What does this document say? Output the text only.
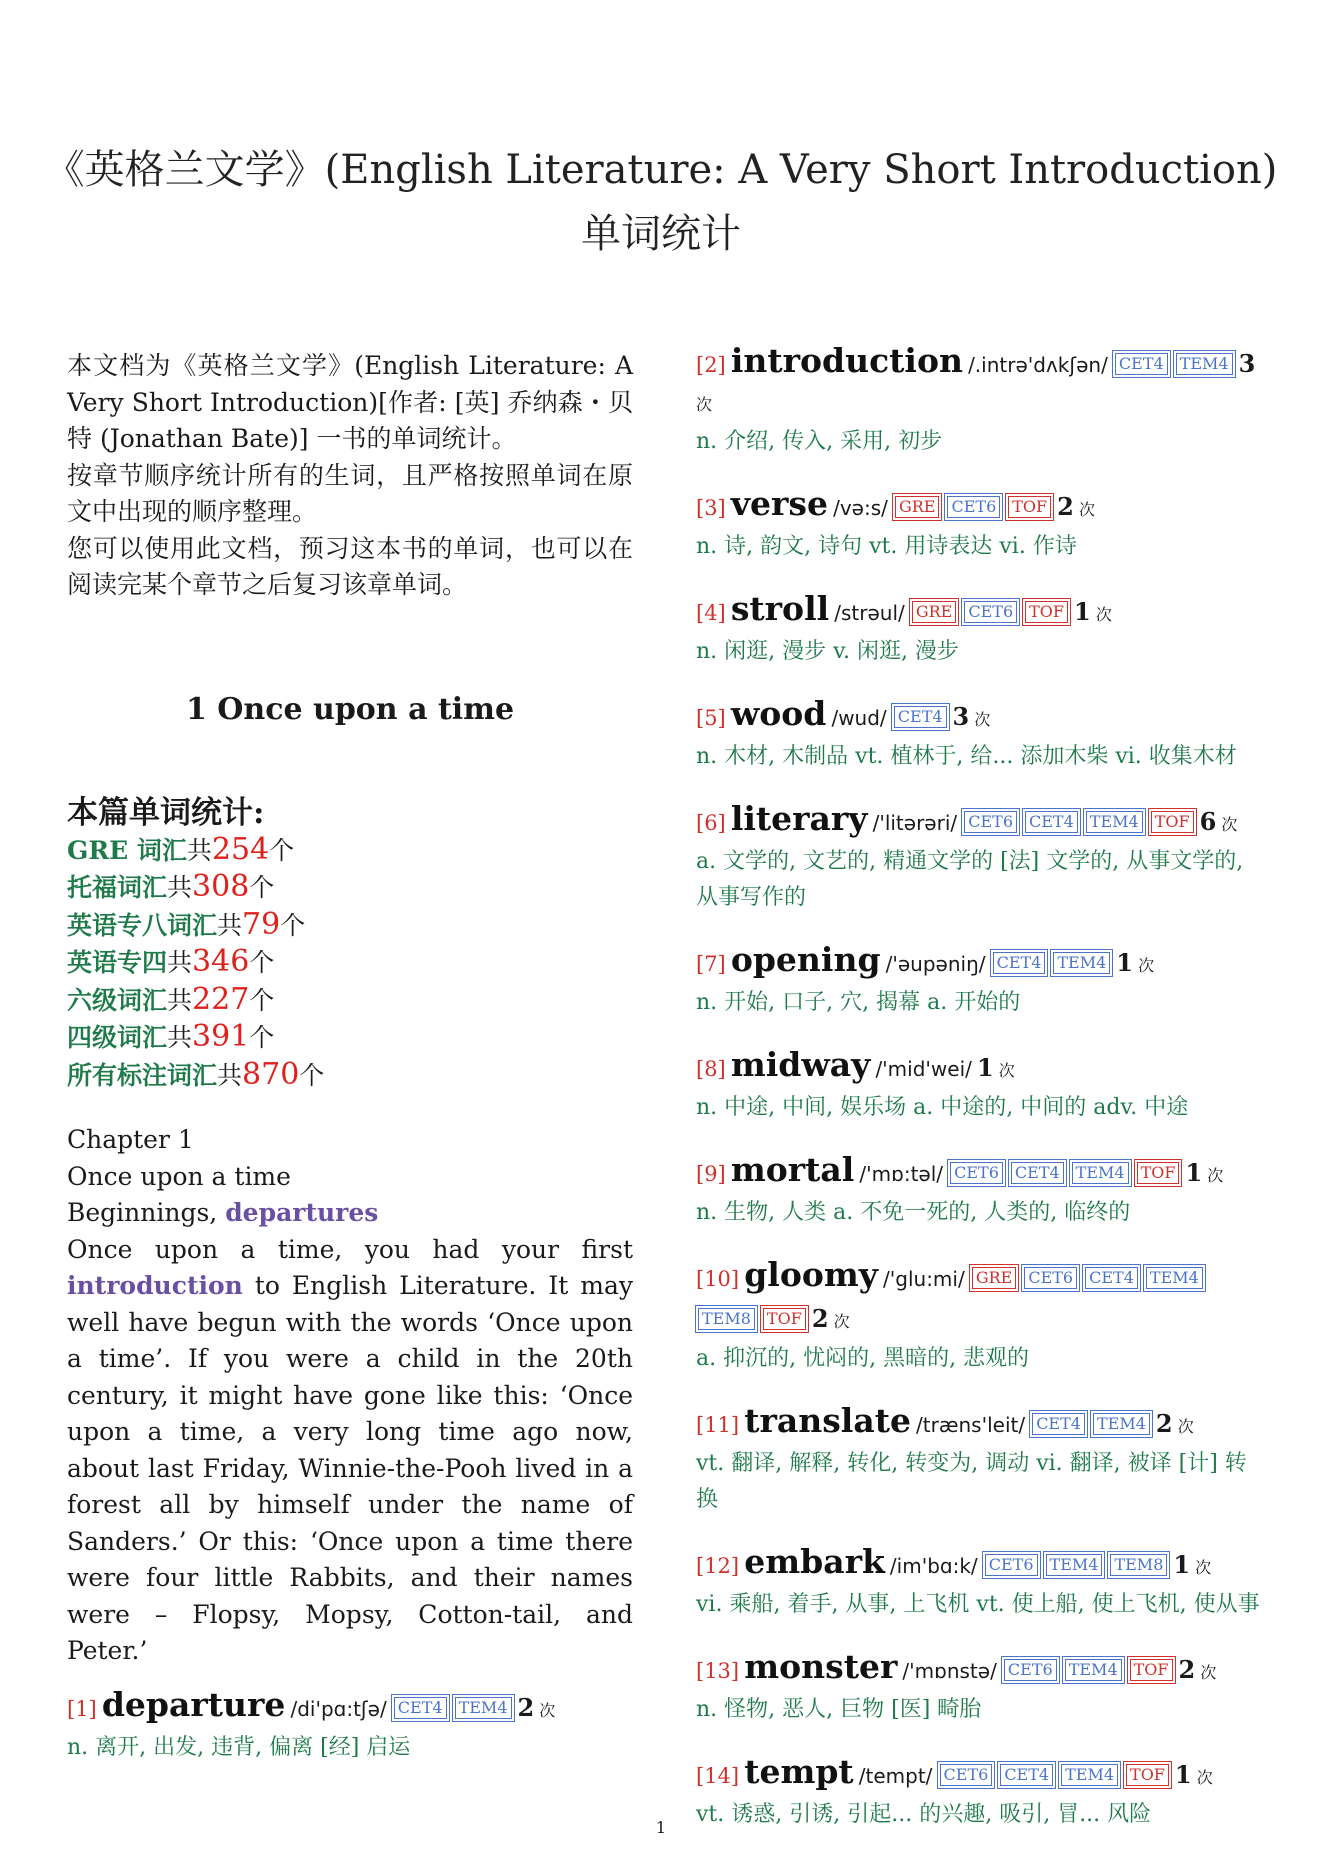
《英格兰文学》(English Literature: A Very Short Introduction) 单词统计

本文档为《英格兰文学》(English Literature: A Very Short Introduction)[作者: [英] 乔纳森・贝特 (Jonathan Bate)] 一书的单词统计。

按章节顺序统计所有的生词，且严格按照单词在原文中出现的顺序整理。

您可以使用此文档，预习这本书的单词，也可以在阅读完某个章节之后复习该章单词。

1 Once upon a time
本篇单词统计:
GRE 词汇共254个
托福词汇共308个
英语专八词汇共79个
英语专四共346个
六级词汇共227个
四级词汇共391个
所有标注词汇共870个
Chapter 1
Once upon a time
Beginnings, departures
Once upon a time, you had your first introduction to English Literature. It may well have begun with the words ‘Once upon a time’. If you were a child in the 20th century, it might have gone like this: ‘Once upon a time, a very long time ago now, about last Friday, Winnie-the-Pooh lived in a forest all by himself under the name of Sanders.’ Or this: ‘Once upon a time there were four little Rabbits, and their names were – Flopsy, Mopsy, Cotton-tail, and Peter.’
[1] departure /di'pɑ:tʃə/ CET4 TEM4 2 次
n. 离开, 出发, 违背, 偏离 [经] 启运
[2] introduction /.intrə'dʌkʃən/ CET4 TEM4 3 次
n. 介绍, 传入, 采用, 初步
[3] verse /və:s/ GRE CET6 TOF 2 次
n. 诗, 韵文, 诗句 vt. 用诗表达 vi. 作诗
[4] stroll /strəul/ GRE CET6 TOF 1 次
n. 闲逛, 漫步 v. 闲逛, 漫步
[5] wood /wud/ CET4 3 次
n. 木材, 木制品 vt. 植林于, 给... 添加木柴 vi. 收集木材
[6] literary /'litərəri/ CET6 CET4 TEM4 TOF 6 次
a. 文学的, 文艺的, 精通文学的 [法] 文学的, 从事文学的, 从事写作的
[7] opening /'əupəniŋ/ CET4 TEM4 1 次
n. 开始, 口子, 穴, 揭幕 a. 开始的
[8] midway /'mid'wei/ 1 次
n. 中途, 中间, 娱乐场 a. 中途的, 中间的 adv. 中途
[9] mortal /'mɒ:təl/ CET6 CET4 TEM4 TOF 1 次
n. 生物, 人类 a. 不免一死的, 人类的, 临终的
[10] gloomy /'glu:mi/ GRE CET6 CET4 TEM4TEM8 TOF 2 次
a. 抑沉的, 忧闷的, 黑暗的, 悲观的
[11] translate /træns'leit/ CET4 TEM4 2 次
vt. 翻译, 解释, 转化, 转变为, 调动 vi. 翻译, 被译 [计] 转换
[12] embark /im'bɑ:k/ CET6 TEM4 TEM8 1 次
vi. 乘船, 着手, 从事, 上飞机 vt. 使上船, 使上飞机, 使从事
[13] monster /'mɒnstə/ CET6 TEM4 TOF 2 次
n. 怪物, 恶人, 巨物 [医] 畸胎
[14] tempt /tempt/ CET6 CET4 TEM4 TOF 1 次
vt. 诱惑, 引诱, 引起... 的兴趣, 吸引, 冒... 风险
1
